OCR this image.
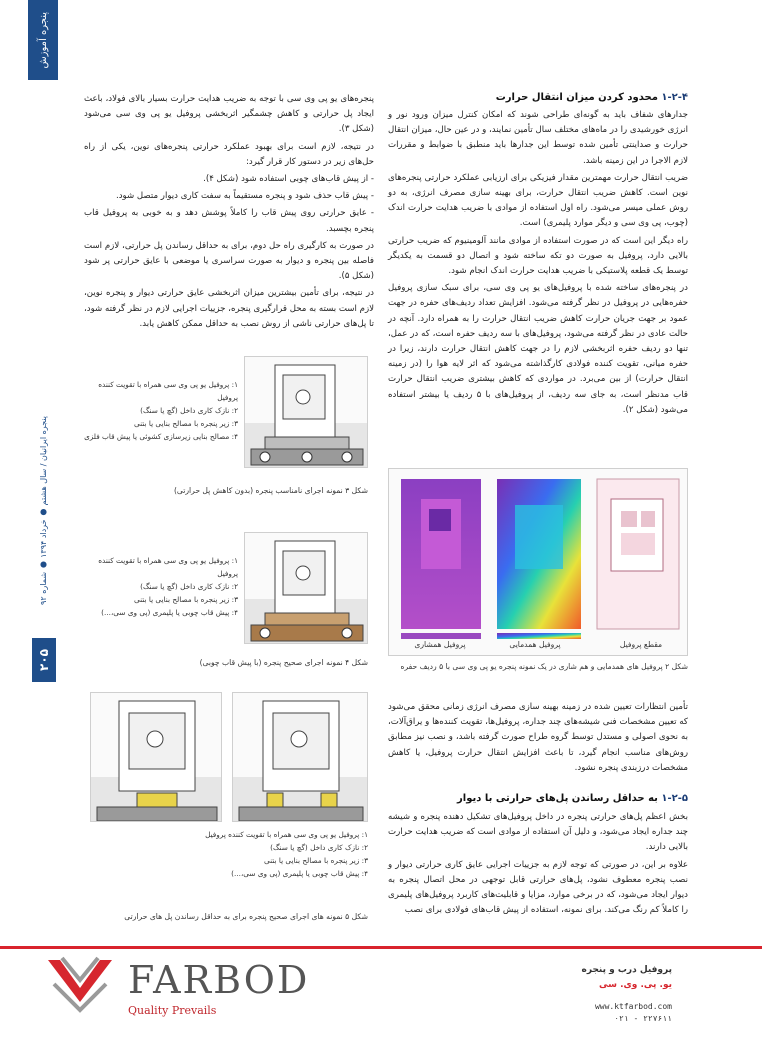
پنجره آموزش
پنجره ایرانیان / سال هشتم ● خرداد ۱۳۹۴ ● شماره ۹۲
۲۰۵
۱-۲-۴ محدود کردن میزان انتقال حرارت

جدارهای شفاف باید به گونه‌ای طراحی شوند که امکان کنترل میزان ورود نور و انرژی خورشیدی را در ماه‌های مختلف سال تأمین نمایند، و در عین حال، میزان انتقال حرارت و صداینتی تأمین شده توسط این جدارها باید منطبق با ضوابط و مقررات لازم الاجرا در این زمینه باشد.

ضریب انتقال حرارت مهمترین مقدار فیزیکی برای ارزیابی عملکرد حرارتی پنجره‌های نوین است. کاهش ضریب انتقال حرارت، برای بهینه سازی مصرف انرژی، به دو روش عملی میسر می‌شود. راه اول استفاده از موادی با ضریب هدایت حرارت اندک (چوب، پی وی سی و دیگر موارد پلیمری) است.

راه دیگر این است که در صورت استفاده از موادی مانند آلومینیوم که ضریب حرارتی بالایی دارد، پروفیل به صورت دو تکه ساخته شود و اتصال دو قسمت به یکدیگر توسط یک قطعه پلاستیکی با ضریب هدایت حرارت اندک انجام شود.

در پنجره‌های ساخته شده با پروفیل‌های یو پی وی سی، برای سبک سازی پروفیل حفره‌هایی در پروفیل در نظر گرفته می‌شود. افزایش تعداد ردیف‌های حفره در جهت عمود بر جهت جریان حرارت کاهش ضریب انتقال حرارت را به همراه دارد. آنچه در حالت عادی در نظر گرفته می‌شود، پروفیل‌های با سه ردیف حفره است، که در عمل، تنها دو ردیف حفره اثربخشی لازم را در جهت کاهش انتقال حرارت دارند، زیرا در حفره میانی، تقویت کننده فولادی کارگذاشته می‌شود که اثر لایه هوا را (در زمینه انتقال حرارت) از بین می‌برد. در مواردی که کاهش بیشتری ضریب انتقال حرارت قاب مدنظر است، به جای سه ردیف، از پروفیل‌های با ۵ ردیف یا بیشتر استفاده می‌شود (شکل ۲).

پروفیل همشاری	پروفیل همدمایی	مقطع پروفیل
شکل ۲ پروفیل های همدمایی و هم شاری در یک نمونه پنجره یو پی وی سی با ۵ ردیف حفره

تأمین انتظارات تعیین شده در زمینه بهینه سازی مصرف انرژی زمانی محقق می‌شود که تعیین مشخصات فنی شیشه‌های چند جداره، پروفیل‌ها، تقویت کننده‌ها و یراق‌آلات، به نحوی اصولی و مستدل توسط گروه طراح صورت گرفته باشد، و نصب نیز مطابق روش‌های مناسب انجام گیرد، تا باعث افزایش انتقال حرارت پروفیل، یا کاهش مشخصات درزبندی پنجره نشود.

۱-۲-۵ به حداقل رساندن پل‌های حرارتی با دیوار

بخش اعظم پل‌های حرارتی پنجره در داخل پروفیل‌های تشکیل دهنده پنجره و شیشه چند جداره ایجاد می‌شود، و دلیل آن استفاده از موادی است که ضریب هدایت حرارت بالایی دارند.

علاوه بر این، در صورتی که توجه لازم به جزییات اجرایی عایق کاری حرارتی دیوار و نصب پنجره معطوف نشود، پل‌های حرارتی قابل توجهی در محل اتصال پنجره به دیوار ایجاد می‌شود، که در برخی موارد، مزایا و قابلیت‌های کاربرد پروفیل‌های پلیمری را کاملاً کم رنگ می‌کند. برای نمونه، استفاده از پیش قاب‌های فولادی برای نصب

پنجره‌های یو پی وی سی با توجه به ضریب هدایت حرارت بسیار بالای فولاد، باعث ایجاد پل حرارتی و کاهش چشمگیر اثربخشی پروفیل یو پی وی سی می‌شود (شکل ۳).

در نتیجه، لازم است برای بهبود عملکرد حرارتی پنجره‌های نوین، یکی از راه حل‌های زیر در دستور کار قرار گیرد:

- از پیش قاب‌های چوبی استفاده شود (شکل ۴).

- پیش قاب حذف شود و پنجره مستقیماً به سفت کاری دیوار متصل شود.

- عایق حرارتی روی پیش قاب را کاملاً پوشش دهد و به خوبی به پروفیل قاب پنجره بچسبد.

در صورت به کارگیری راه حل دوم، برای به حداقل رساندن پل حرارتی، لازم است فاصله بین پنجره و دیوار به صورت سراسری یا موضعی با عایق حرارتی پر شود (شکل ۵).

در نتیجه، برای تأمین بیشترین میزان اثربخشی عایق حرارتی دیوار و پنجره نوین، لازم است بسته به محل قرارگیری پنجره، جزییات اجرایی لازم در نظر گرفته شود، تا پل‌های حرارتی ناشی از روش نصب به حداقل ممکن کاهش یابد.

۱: پروفیل یو پی وی سی همراه با تقویت کننده پروفیل
۲: نازک کاری داخل (گچ یا سنگ)
۳: زیر پنجره با مصالح بنایی یا بتنی
۴: مصالح بنایی زیرسازی کشوئی یا پیش قاب فلزی
شکل ۳ نمونه اجرای نامناسب پنجره (بدون کاهش پل حرارتی)
۱: پروفیل یو پی وی سی همراه با تقویت کننده پروفیل
۲: نازک کاری داخل (گچ یا سنگ)
۳: زیر پنجره با مصالح بنایی یا بتنی
۴: پیش قاب چوبی یا پلیمری (پی وی سی،...)
شکل ۴ نمونه اجرای صحیح پنجره (با پیش قاب چوبی)
۱: پروفیل یو پی وی سی همراه با تقویت کننده پروفیل
۲: نازک کاری داخل (گچ یا سنگ)
۳: زیر پنجره با مصالح بنایی یا بتنی
۴: پیش قاب چوبی یا پلیمری (پی وی سی،...)
شکل ۵ نمونه های اجرای صحیح پنجره برای به حداقل رساندن پل های حرارتی
FARBOD
Quality Prevails
پروفیل درب و پنجره
یو. پی. وی. سی
www.ktfarbod.com
۰۲۱ - ۲۲۷۶۱۱
